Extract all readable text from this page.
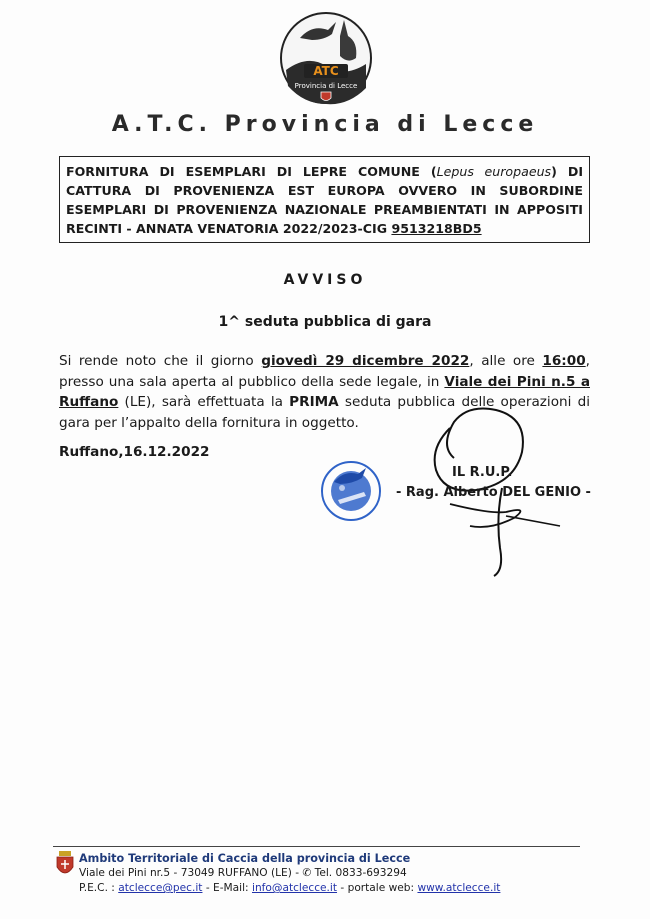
ATC
Provincia di Lecce
A.T.C. Provincia di Lecce
FORNITURA DI ESEMPLARI DI LEPRE COMUNE (Lepus europaeus) DI CATTURA DI PROVENIENZA EST EUROPA OVVERO IN SUBORDINE ESEMPLARI DI PROVENIENZA NAZIONALE PREAMBIENTATI IN APPOSITI RECINTI - ANNATA VENATORIA 2022/2023-CIG 9513218BD5
AVVISO
1^ seduta pubblica di gara
Si rende noto che il giorno giovedì 29 dicembre 2022, alle ore 16:00, presso una sala aperta al pubblico della sede legale, in Viale dei Pini n.5 a Ruffano (LE), sarà effettuata la PRIMA seduta pubblica delle operazioni di gara per l’appalto della fornitura in oggetto.
Ruffano,16.12.2022
IL R.U.P.
- Rag. Alberto DEL GENIO -
Ambito Territoriale di Caccia della provincia di Lecce
Viale dei Pini nr.5 - 73049 RUFFANO (LE) - ✆ Tel. 0833-693294
P.E.C. : atclecce@pec.it - E-Mail: info@atclecce.it - portale web: www.atclecce.it
